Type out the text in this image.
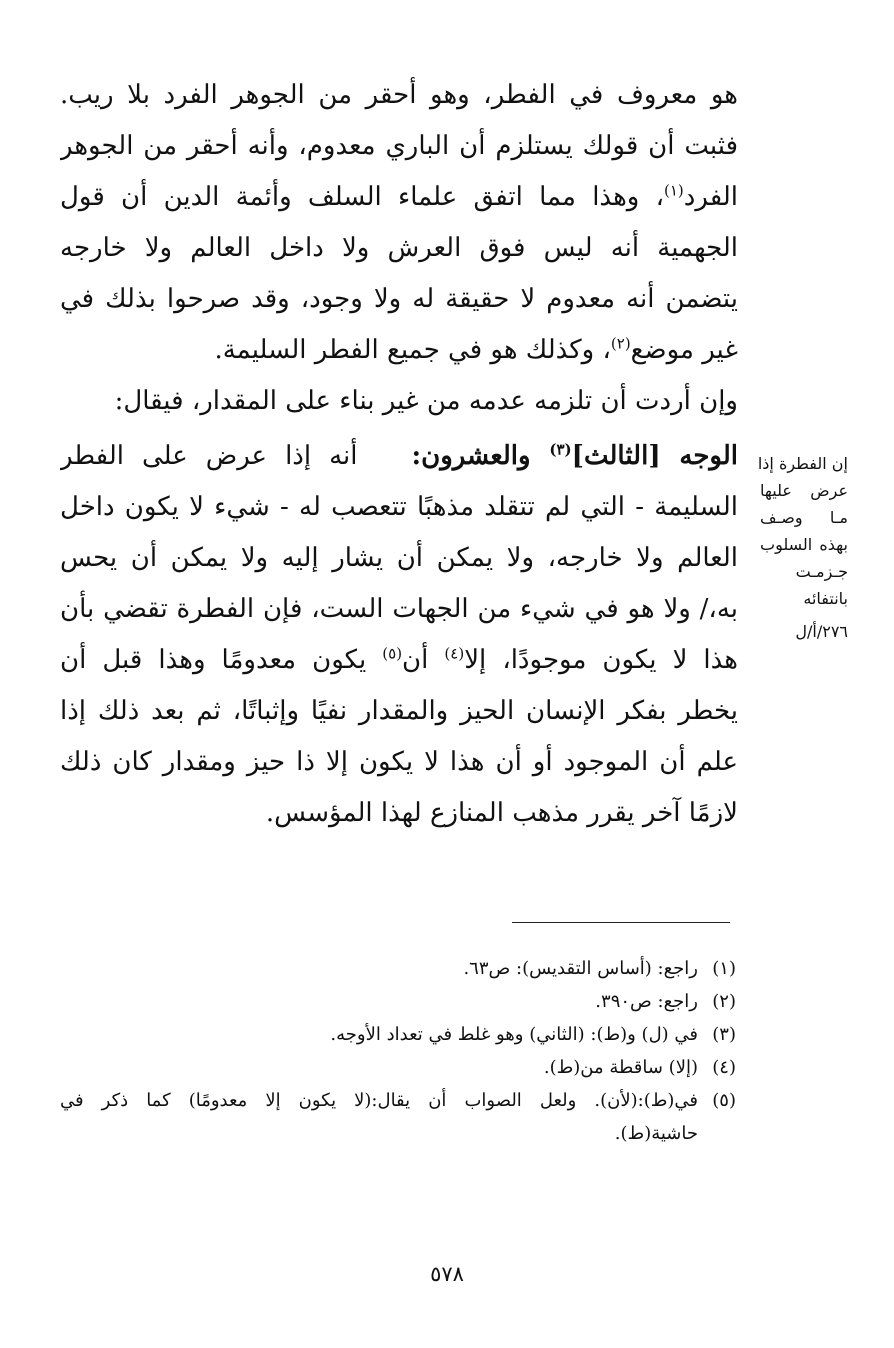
هو معروف في الفطر، وهو أحقر من الجوهر الفرد بلا ريب.
فثبت أن قولك يستلزم أن الباري معدوم، وأنه أحقر من الجوهر
الفرد$^{(١)}$، وهذا مما اتفق علماء السلف وأئمة الدين أن قول
الجهمية أنه ليس فوق العرش ولا داخل العالم ولا خارجه
يتضمن أنه معدوم لا حقيقة له ولا وجود، وقد صرحوا بذلك في
غير موضع$^{(٢)}$، وكذلك هو في جميع الفطر السليمة.
وإن أردت أن تلزمه عدمه من غير بناء على المقدار، فيقال:
الوجه [الثالث]$^{(٣)}$ والعشرون:   أنه إذا عرض على الفطر
السليمة - التي لم تتقلد مذهبًا تتعصب له - شيء لا يكون داخل
العالم ولا خارجه، ولا يمكن أن يشار إليه ولا يمكن أن يحس
به،/ ولا هو في شيء من الجهات الست، فإن الفطرة تقضي بأن
هذا لا يكون موجودًا، إلا$^{(٤)}$ أن$^{(٥)}$ يكون معدومًا وهذا قبل أن
يخطر بفكر الإنسان الحيز والمقدار نفيًا وإثباتًا، ثم بعد ذلك إذا
علم أن الموجود أو أن هذا لا يكون إلا ذا حيز ومقدار كان ذلك
لازمًا آخر يقرر مذهب المنازع لهذا المؤسس.
إن الفطرة إذا
عرض عليها
مـا وصـف
بهذه السلوب
جـزمـت
بانتفائه
٢٧٦/أ/ل
(١)
راجع: (أساس التقديس): ص٦٣.
(٢)
راجع: ص٣٩٠.
(٣)
في (ل) و(ط): (الثاني) وهو غلط في تعداد الأوجه.
(٤)
(إلا) ساقطة من(ط).
(٥)
في(ط):(لأن). ولعل الصواب أن يقال:(لا يكون إلا معدومًا) كما ذكر في
حاشية(ط).
٥٧٨
